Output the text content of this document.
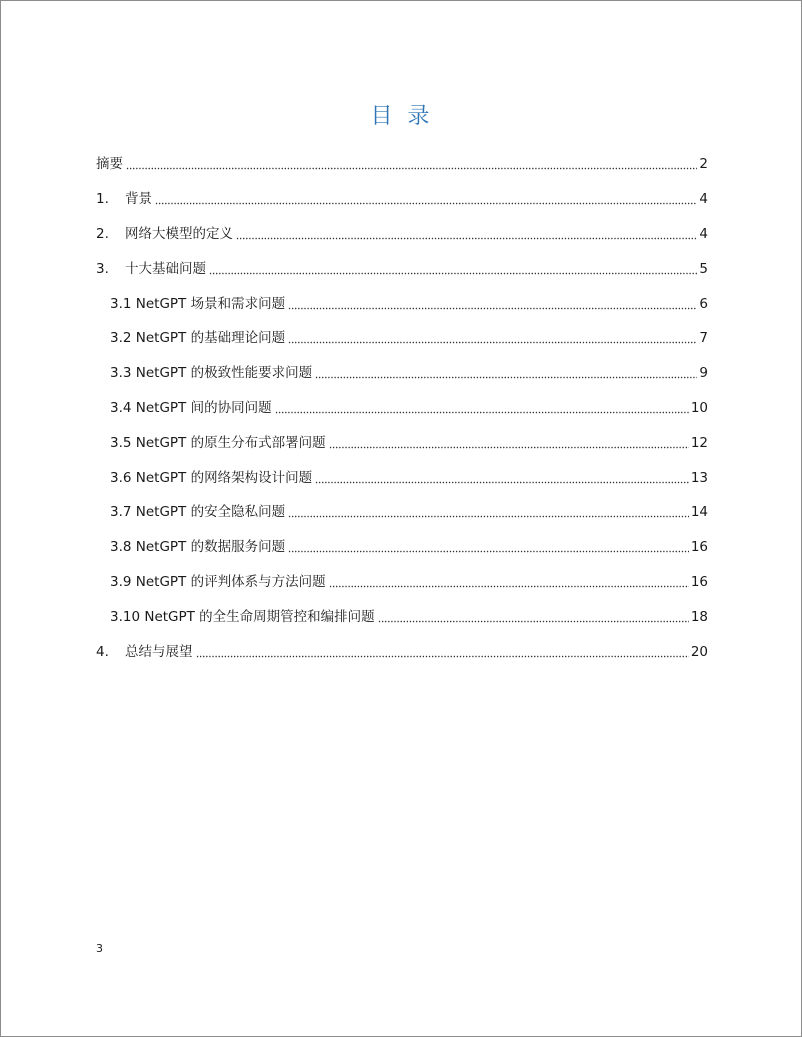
目 录
摘要	2
1.	背景	4
2.	网络大模型的定义	4
3.	十大基础问题	5
3.1 NetGPT 场景和需求问题	6
3.2 NetGPT 的基础理论问题	7
3.3 NetGPT 的极致性能要求问题	9
3.4 NetGPT 间的协同问题	10
3.5 NetGPT 的原生分布式部署问题	12
3.6 NetGPT 的网络架构设计问题	13
3.7 NetGPT 的安全隐私问题	14
3.8 NetGPT 的数据服务问题	16
3.9 NetGPT 的评判体系与方法问题	16
3.10 NetGPT 的全生命周期管控和编排问题	18
4.	总结与展望	20
3
